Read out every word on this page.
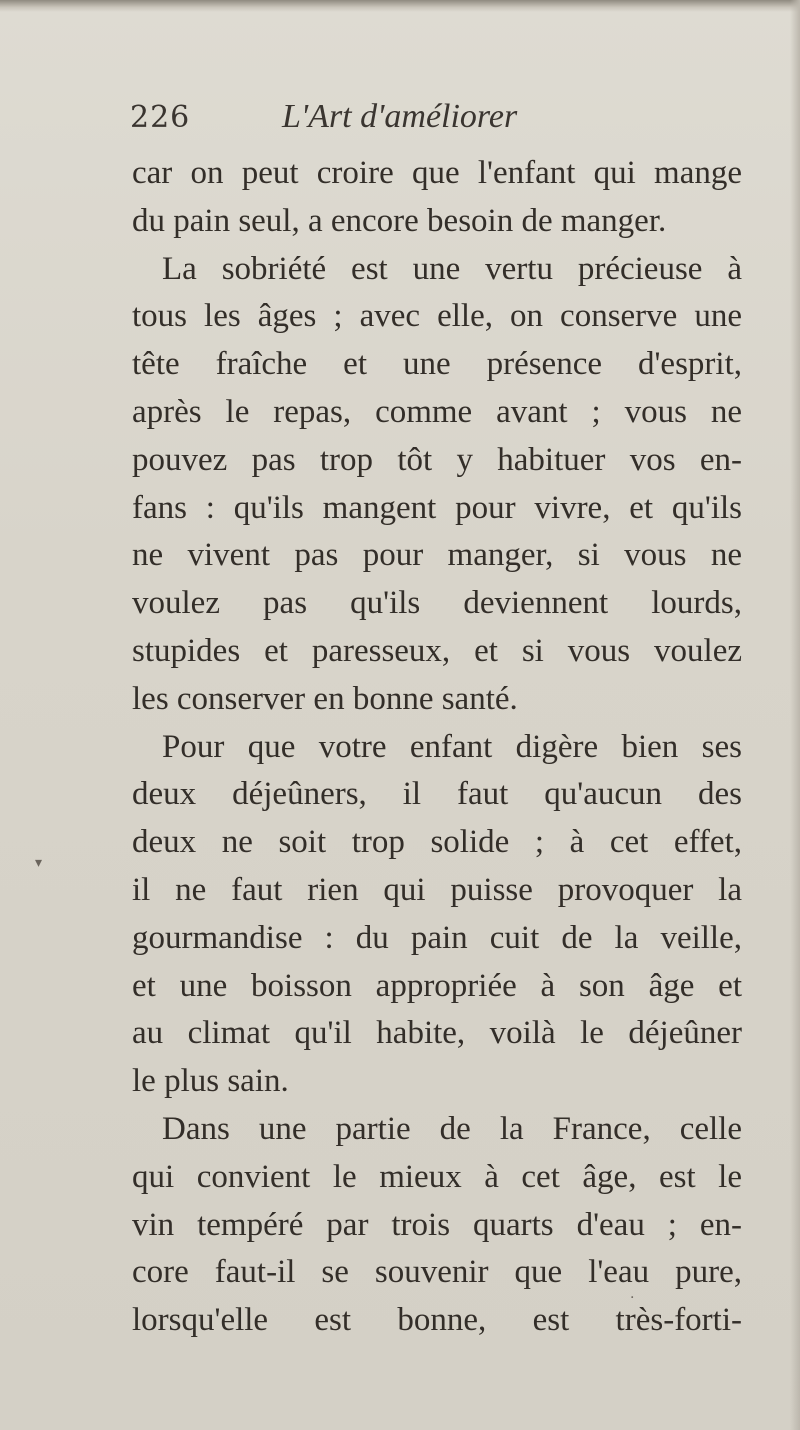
226	L'Art d'améliorer
car on peut croire que l'enfant qui mange
du pain seul, a encore besoin de manger.
La sobriété est une vertu précieuse à
tous les âges ; avec elle, on conserve une
tête fraîche et une présence d'esprit,
après le repas, comme avant ; vous ne
pouvez pas trop tôt y habituer vos en-
fans : qu'ils mangent pour vivre, et qu'ils
ne vivent pas pour manger, si vous ne
voulez pas qu'ils deviennent lourds,
stupides et paresseux, et si vous voulez
les conserver en bonne santé.
Pour que votre enfant digère bien ses
deux déjeûners, il faut qu'aucun des
deux ne soit trop solide ; à cet effet,
il ne faut rien qui puisse provoquer la
gourmandise : du pain cuit de la veille,
et une boisson appropriée à son âge et
au climat qu'il habite, voilà le déjeûner
le plus sain.
Dans une partie de la France, celle
qui convient le mieux à cet âge, est le
vin tempéré par trois quarts d'eau ; en-
core faut-il se souvenir que l'eau pure,
lorsqu'elle est bonne, est très-forti-
▾
·
